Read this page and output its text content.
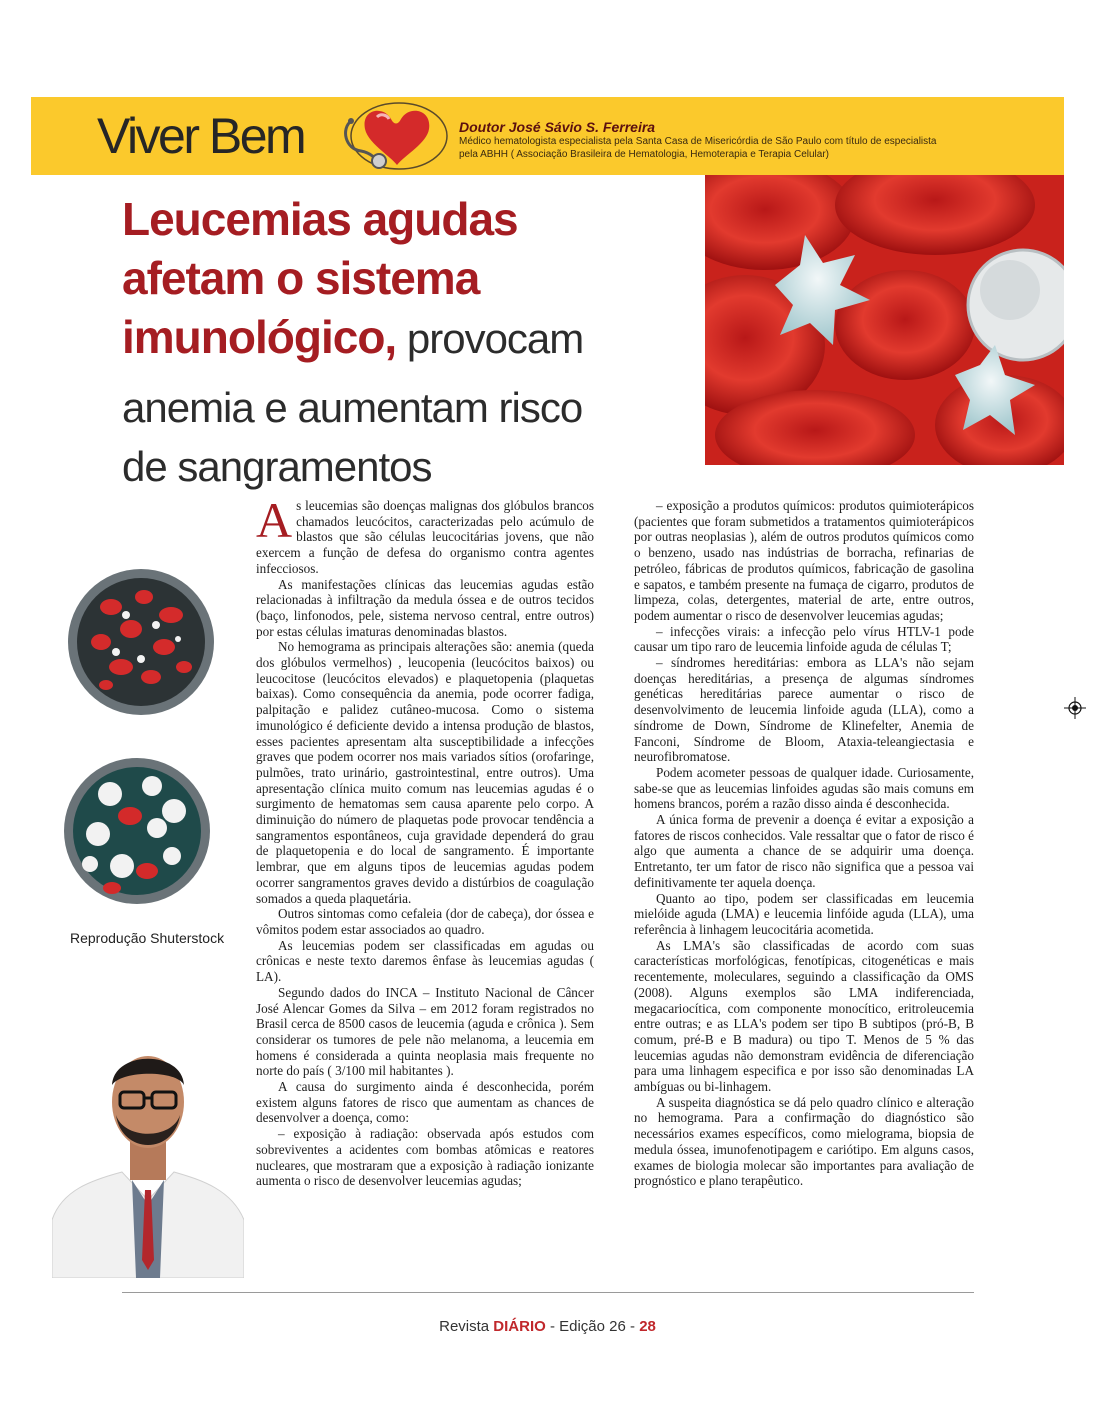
Viver Bem	Doutor José Sávio S. Ferreira
Médico hematologista especialista pela Santa Casa de Misericórdia de São Paulo com título de especialista
pela ABHH ( Associação Brasileira de Hematologia, Hemoterapia e Terapia Celular)
Leucemias agudas
afetam o sistema
imunológico, provocam
anemia e aumentam risco
de sangramentos
Reprodução Shuterstock

As leucemias são doenças malignas dos glóbulos brancos chamados leucócitos, caracterizadas pelo acúmulo de blastos que são células leucocitárias jovens, que não exercem a função de defesa do organismo contra agentes infecciosos.

As manifestações clínicas das leucemias agudas estão relacionadas à infiltração da medula óssea e de outros tecidos (baço, linfonodos, pele, sistema nervoso central, entre outros) por estas células imaturas denominadas blastos.

No hemograma as principais alterações são: anemia (queda dos glóbulos vermelhos) , leucopenia (leucócitos baixos) ou leucocitose (leucócitos elevados) e plaquetopenia (plaquetas baixas). Como consequência da anemia, pode ocorrer fadiga, palpitação e palidez cutâneo-mucosa. Como o sistema imunológico é deficiente devido a intensa produção de blastos, esses pacientes apresentam alta susceptibilidade a infecções graves que podem ocorrer nos mais variados sítios (orofaringe, pulmões, trato urinário, gastrointestinal, entre outros). Uma apresentação clínica muito comum nas leucemias agudas é o surgimento de hematomas sem causa aparente pelo corpo. A diminuição do número de plaquetas pode provocar tendência a sangramentos espontâneos, cuja gravidade dependerá do grau de plaquetopenia e do local de sangramento. É importante lembrar, que em alguns tipos de leucemias agudas podem ocorrer sangramentos graves devido a distúrbios de coagulação somados a queda plaquetária.

Outros sintomas como cefaleia (dor de cabeça), dor óssea e vômitos podem estar associados ao quadro.

As leucemias podem ser classificadas em agudas ou crônicas e neste texto daremos ênfase às leucemias agudas ( LA).

Segundo dados do INCA – Instituto Nacional de Câncer José Alencar Gomes da Silva – em 2012 foram registrados no Brasil cerca de 8500 casos de leucemia (aguda e crônica ). Sem considerar os tumores de pele não melanoma, a leucemia em homens é considerada a quinta neoplasia mais frequente no norte do país ( 3/100 mil habitantes ).

A causa do surgimento ainda é desconhecida, porém existem alguns fatores de risco que aumentam as chances de desenvolver a doença, como:

– exposição à radiação: observada após estudos com sobreviventes a acidentes com bombas atômicas e reatores nucleares, que mostraram que a exposição à radiação ionizante aumenta o risco de desenvolver leucemias agudas;

– exposição a produtos químicos: produtos quimioterápicos (pacientes que foram submetidos a tratamentos quimioterápicos por outras neoplasias ), além de outros produtos químicos como o benzeno, usado nas indústrias de borracha, refinarias de petróleo, fábricas de produtos químicos, fabricação de gasolina e sapatos, e também presente na fumaça de cigarro, produtos de limpeza, colas, detergentes, material de arte, entre outros, podem aumentar o risco de desenvolver leucemias agudas;

– infecções virais: a infecção pelo vírus HTLV-1 pode causar um tipo raro de leucemia linfoide aguda de células T;

– síndromes hereditárias: embora as LLA's não sejam doenças hereditárias, a presença de algumas síndromes genéticas hereditárias parece aumentar o risco de desenvolvimento de leucemia linfoide aguda (LLA), como a síndrome de Down, Síndrome de Klinefelter, Anemia de Fanconi, Síndrome de Bloom, Ataxia-teleangiectasia e neurofibromatose.

Podem acometer pessoas de qualquer idade. Curiosamente, sabe-se que as leucemias linfoides agudas são mais comuns em homens brancos, porém a razão disso ainda é desconhecida.

A única forma de prevenir a doença é evitar a exposição a fatores de riscos conhecidos. Vale ressaltar que o fator de risco é algo que aumenta a chance de se adquirir uma doença. Entretanto, ter um fator de risco não significa que a pessoa vai definitivamente ter aquela doença.

Quanto ao tipo, podem ser classificadas em leucemia mielóide aguda (LMA) e leucemia linfóide aguda (LLA), uma referência à linhagem leucocitária acometida.

As LMA's são classificadas de acordo com suas características morfológicas, fenotípicas, citogenéticas e mais recentemente, moleculares, seguindo a classificação da OMS (2008). Alguns exemplos são LMA indiferenciada, megacariocítica, com componente monocítico, eritroleucemia entre outras; e as LLA's podem ser tipo B subtipos (pró-B, B comum, pré-B e B madura) ou tipo T. Menos de 5 % das leucemias agudas não demonstram evidência de diferenciação para uma linhagem especifica e por isso são denominadas LA ambíguas ou bi-linhagem.

A suspeita diagnóstica se dá pelo quadro clínico e alteração no hemograma. Para a confirmação do diagnóstico são necessários exames específicos, como mielograma, biopsia de medula óssea, imunofenotipagem e cariótipo. Em alguns casos, exames de biologia molecar são importantes para avaliação de prognóstico e plano terapêutico.

Revista DIÁRIO - Edição 26 - 28
